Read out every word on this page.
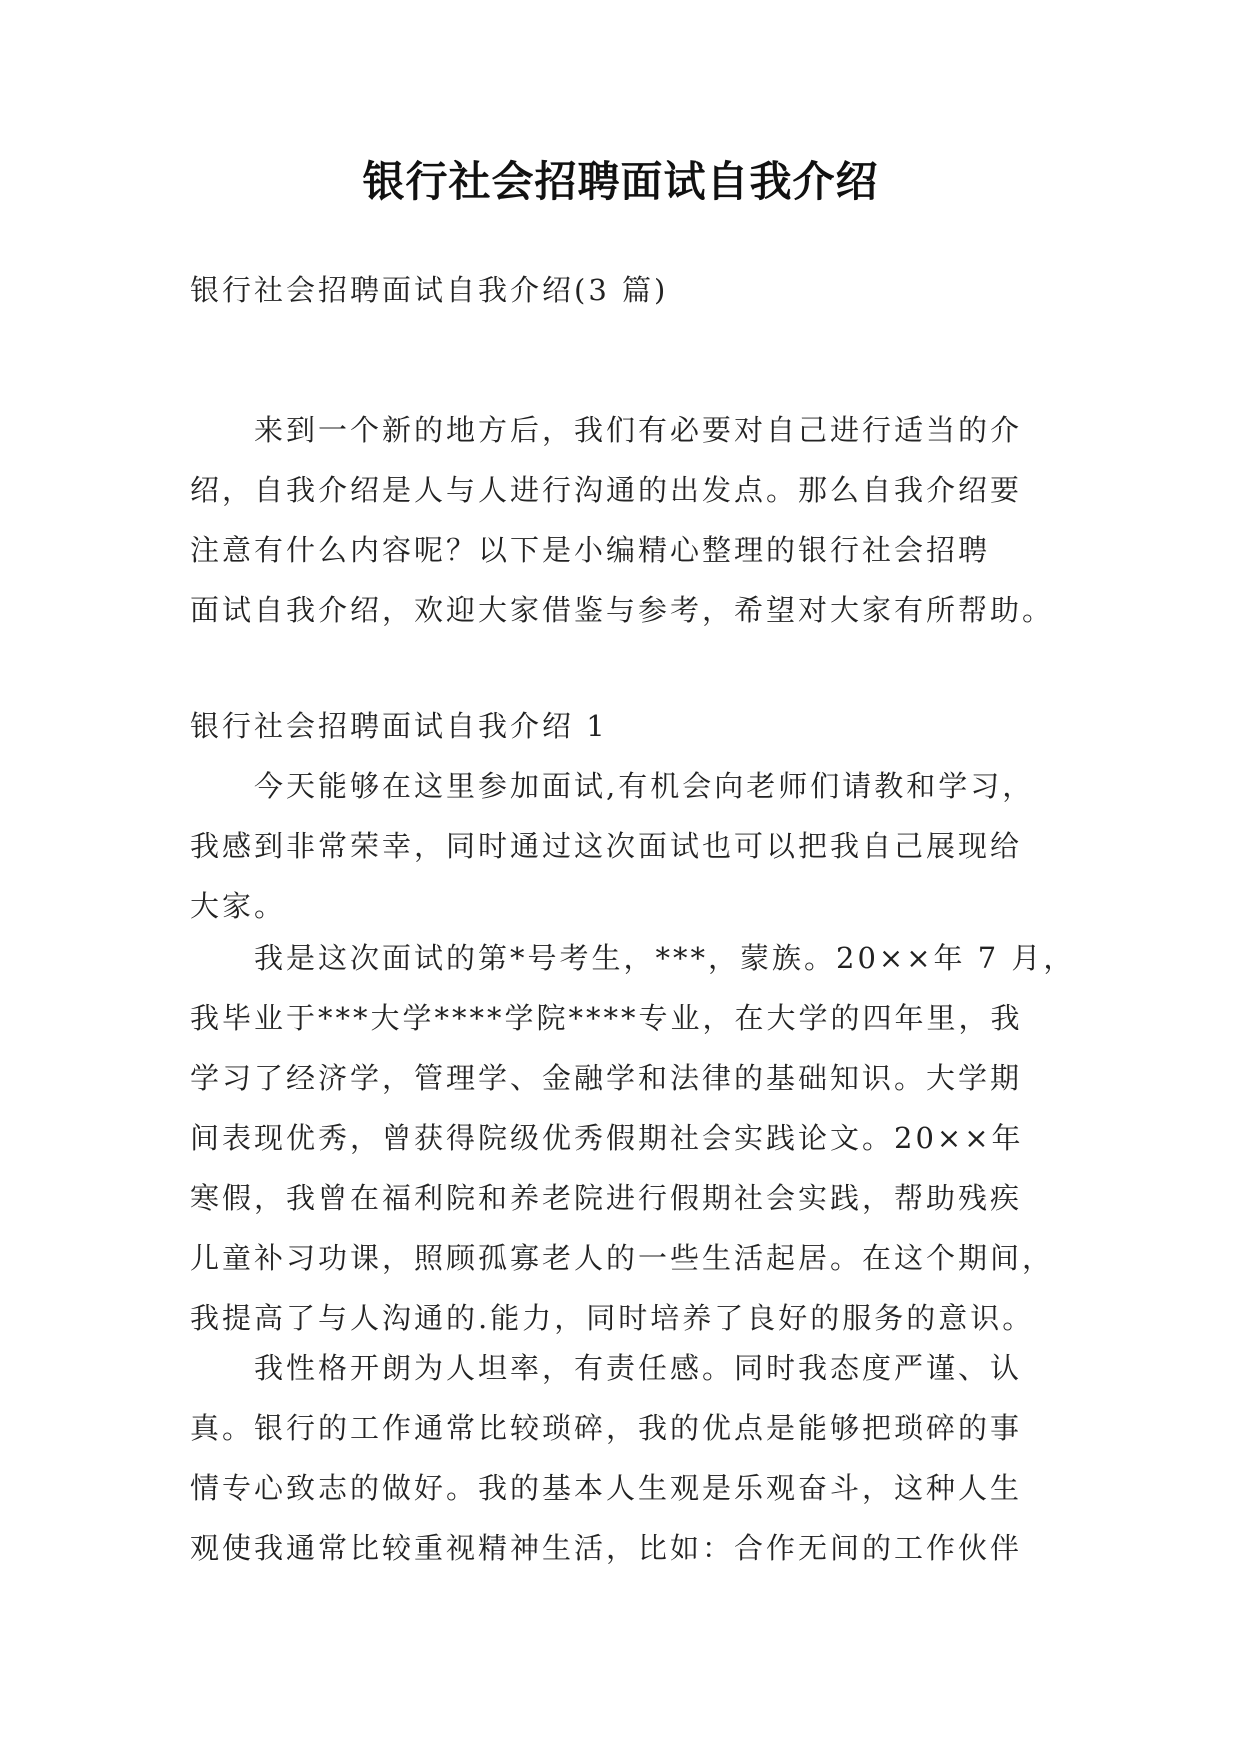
银行社会招聘面试自我介绍
银行社会招聘面试自我介绍(3 篇)
来到一个新的地方后，我们有必要对自己进行适当的介
绍，自我介绍是人与人进行沟通的出发点。那么自我介绍要
注意有什么内容呢？以下是小编精心整理的银行社会招聘
面试自我介绍，欢迎大家借鉴与参考，希望对大家有所帮助。
银行社会招聘面试自我介绍 1
今天能够在这里参加面试,有机会向老师们请教和学习，
我感到非常荣幸，同时通过这次面试也可以把我自己展现给
大家。
我是这次面试的第*号考生，***，蒙族。20××年 7 月，
我毕业于***大学****学院****专业，在大学的四年里，我
学习了经济学，管理学、金融学和法律的基础知识。大学期
间表现优秀，曾获得院级优秀假期社会实践论文。20××年
寒假，我曾在福利院和养老院进行假期社会实践，帮助残疾
儿童补习功课，照顾孤寡老人的一些生活起居。在这个期间，
我提高了与人沟通的.能力，同时培养了良好的服务的意识。
我性格开朗为人坦率，有责任感。同时我态度严谨、认
真。银行的工作通常比较琐碎，我的优点是能够把琐碎的事
情专心致志的做好。我的基本人生观是乐观奋斗，这种人生
观使我通常比较重视精神生活，比如：合作无间的工作伙伴
